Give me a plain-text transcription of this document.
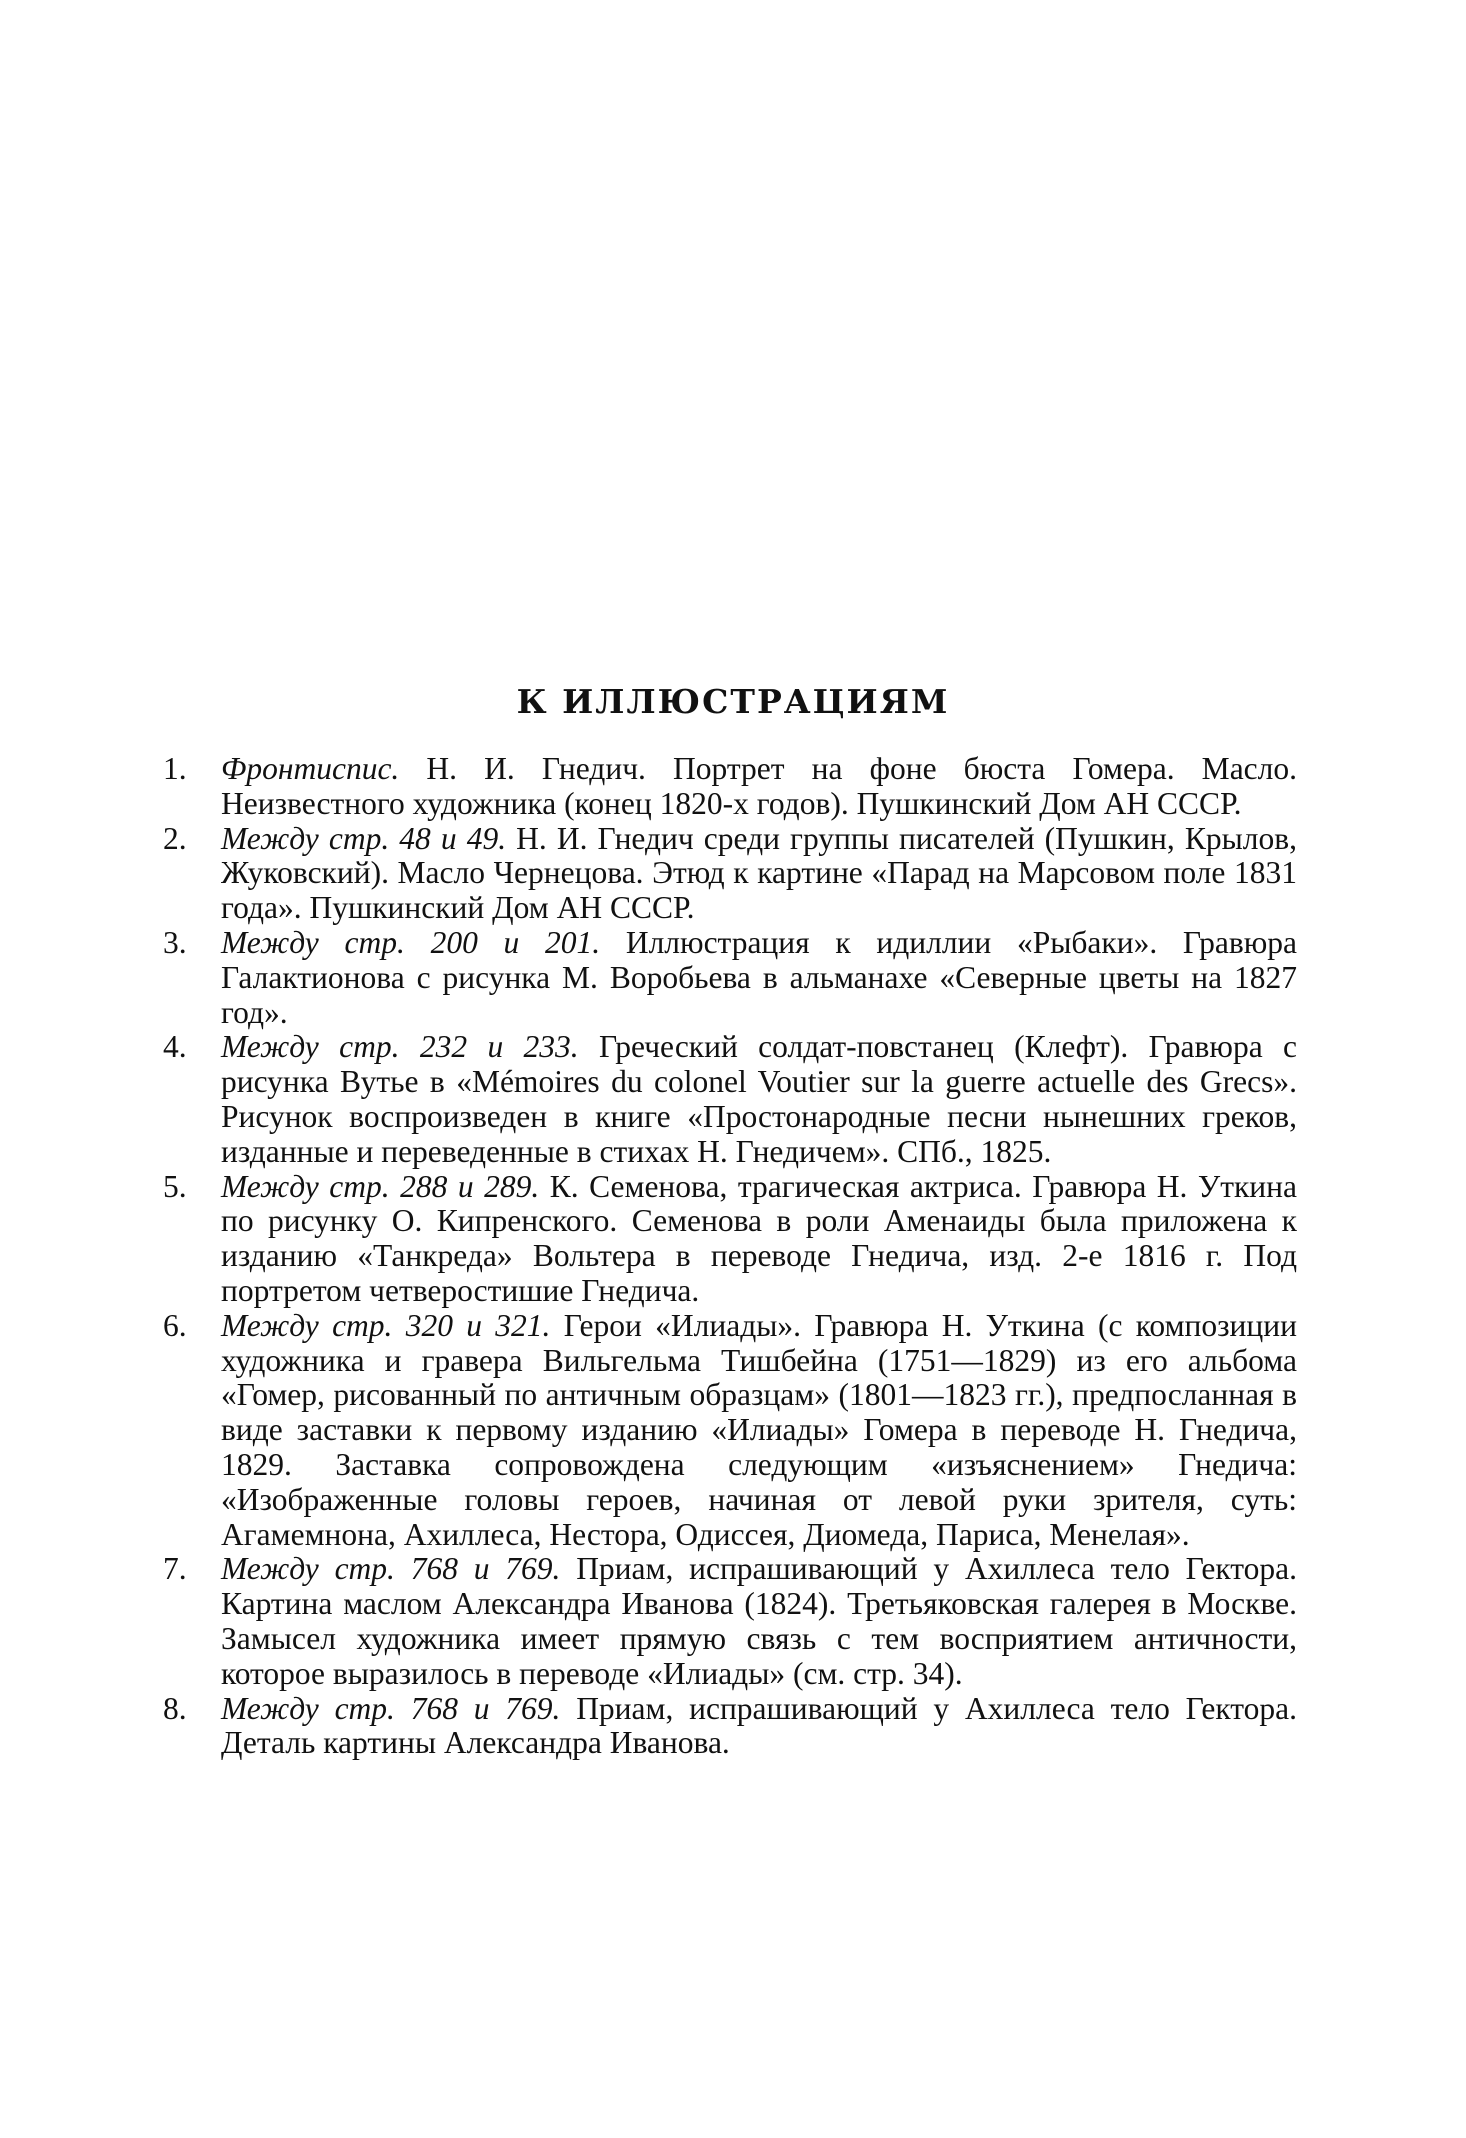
К ИЛЛЮСТРАЦИЯМ
1. Фронтиспис. Н. И. Гнедич. Портрет на фоне бюста Гомера. Масло. Неизвестного художника (конец 1820-х годов). Пушкинский Дом АН СССР.
2. Между стр. 48 и 49. Н. И. Гнедич среди группы писателей (Пушкин, Крылов, Жуковский). Масло Чернецова. Этюд к картине «Парад на Марсовом поле 1831 года». Пушкинский Дом АН СССР.
3. Между стр. 200 и 201. Иллюстрация к идиллии «Рыбаки». Гравюра Галактионова с рисунка М. Воробьева в альманахе «Северные цветы на 1827 год».
4. Между стр. 232 и 233. Греческий солдат-повстанец (Клефт). Гравюра с рисунка Вутье в «Mémoires du colonel Voutier sur la guerre actuelle des Grecs». Рисунок воспроизведен в книге «Простонародные песни нынешних греков, изданные и переведенные в стихах Н. Гнедичем». СПб., 1825.
5. Между стр. 288 и 289. К. Семенова, трагическая актриса. Гравюра Н. Уткина по рисунку О. Кипренского. Семенова в роли Аменаиды была приложена к изданию «Танкреда» Вольтера в переводе Гнедича, изд. 2-е 1816 г. Под портретом четверостишие Гнедича.
6. Между стр. 320 и 321. Герои «Илиады». Гравюра Н. Уткина (с композиции художника и гравера Вильгельма Тишбейна (1751—1829) из его альбома «Гомер, рисованный по античным образцам» (1801—1823 гг.), предпосланная в виде заставки к первому изданию «Илиады» Гомера в переводе Н. Гнедича, 1829. Заставка сопровождена следующим «изъяснением» Гнедича: «Изображенные головы героев, начиная от левой руки зрителя, суть: Агамемнона, Ахиллеса, Нестора, Одиссея, Диомеда, Париса, Менелая».
7. Между стр. 768 и 769. Приам, испрашивающий у Ахиллеса тело Гектора. Картина маслом Александра Иванова (1824). Третьяковская галерея в Москве. Замысел художника имеет прямую связь с тем восприятием античности, которое выразилось в переводе «Илиады» (см. стр. 34).
8. Между стр. 768 и 769. Приам, испрашивающий у Ахиллеса тело Гектора. Деталь картины Александра Иванова.
